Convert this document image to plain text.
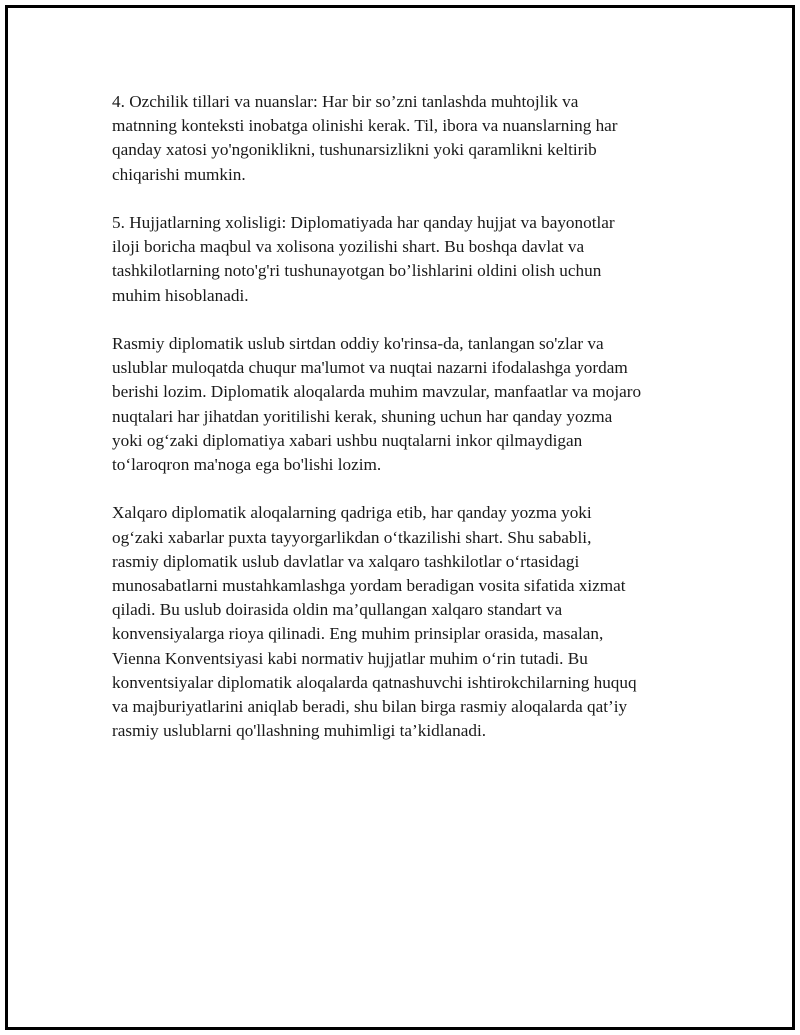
4. Ozchilik tillari va nuanslar: Har bir so’zni tanlashda muhtojlik va
matnning konteksti inobatga olinishi kerak. Til, ibora va nuanslarning har
qanday xatosi yo'ngoniklikni, tushunarsizlikni yoki qaramlikni keltirib
chiqarishi mumkin.

5. Hujjatlarning xolisligi: Diplomatiyada har qanday hujjat va bayonotlar
iloji boricha maqbul va xolisona yozilishi shart. Bu boshqa davlat va
tashkilotlarning noto'g'ri tushunayotgan bo’lishlarini oldini olish uchun
muhim hisoblanadi.

Rasmiy diplomatik uslub sirtdan oddiy ko'rinsa-da, tanlangan so'zlar va
uslublar muloqatda chuqur ma'lumot va nuqtai nazarni ifodalashga yordam
berishi lozim. Diplomatik aloqalarda muhim mavzular, manfaatlar va mojaro
nuqtalari har jihatdan yoritilishi kerak, shuning uchun har qanday yozma
yoki og‘zaki diplomatiya xabari ushbu nuqtalarni inkor qilmaydigan
to‘laroqron ma'noga ega bo'lishi lozim.

Xalqaro diplomatik aloqalarning qadriga etib, har qanday yozma yoki
og‘zaki xabarlar puxta tayyorgarlikdan o‘tkazilishi shart. Shu sababli,
rasmiy diplomatik uslub davlatlar va xalqaro tashkilotlar o‘rtasidagi
munosabatlarni mustahkamlashga yordam beradigan vosita sifatida xizmat
qiladi. Bu uslub doirasida oldin ma’qullangan xalqaro standart va
konvensiyalarga rioya qilinadi. Eng muhim prinsiplar orasida, masalan,
Vienna Konventsiyasi kabi normativ hujjatlar muhim o‘rin tutadi. Bu
konventsiyalar diplomatik aloqalarda qatnashuvchi ishtirokchilarning huquq
va majburiyatlarini aniqlab beradi, shu bilan birga rasmiy aloqalarda qat’iy
rasmiy uslublarni qo'llashning muhimligi ta’kidlanadi.
